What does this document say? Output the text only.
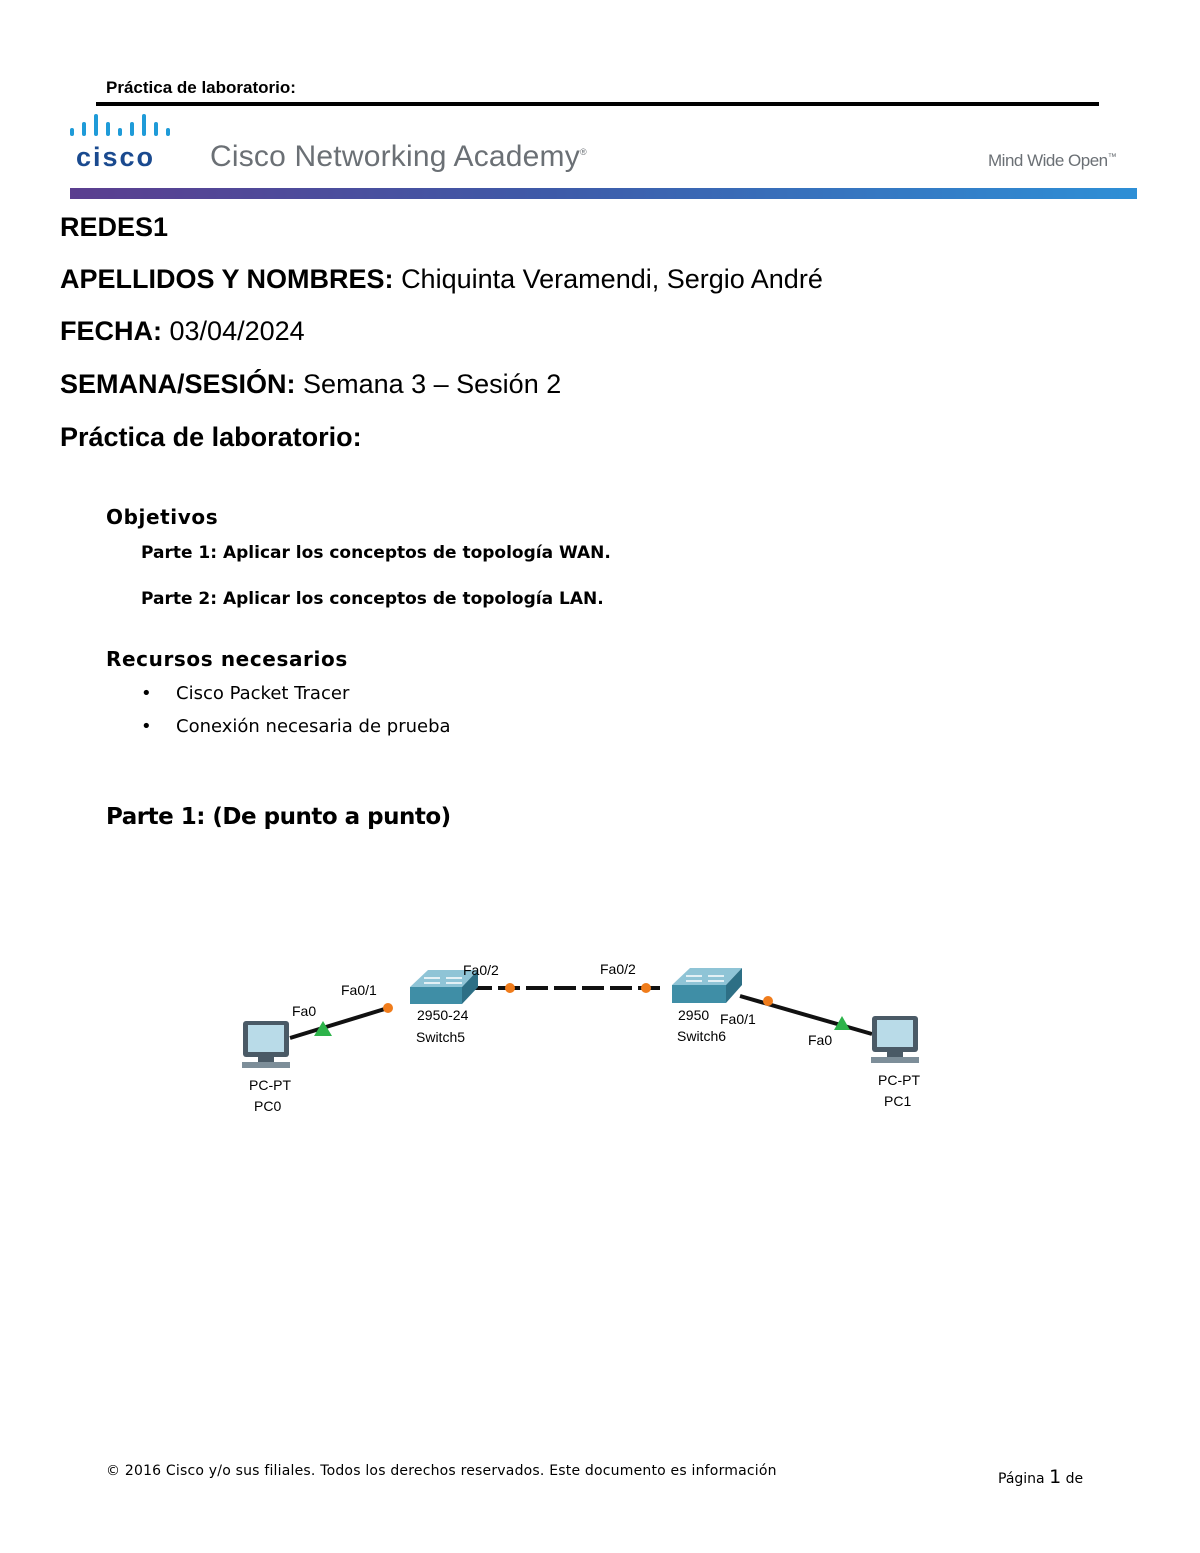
Práctica de laboratorio:
cisco Cisco Networking Academy®	Mind Wide Open™
REDES1
APELLIDOS Y NOMBRES: Chiquinta Veramendi, Sergio André
FECHA: 03/04/2024
SEMANA/SESIÓN: Semana 3 – Sesión 2
Práctica de laboratorio:
Objetivos
Parte 1: Aplicar los conceptos de topología WAN.
Parte 2: Aplicar los conceptos de topología LAN.
Recursos necesarios
• Cisco Packet Tracer
• Conexión necesaria de prueba
Parte 1: (De punto a punto)
Fa0
Fa0/1
Fa0/2	Fa0/2
Fa0/1
Fa0
2950-24
Switch5
2950
Switch6
PC-PT
PC0
PC-PT
PC1
© 2016 Cisco y/o sus filiales. Todos los derechos reservados. Este documento es información	Página 1 de
